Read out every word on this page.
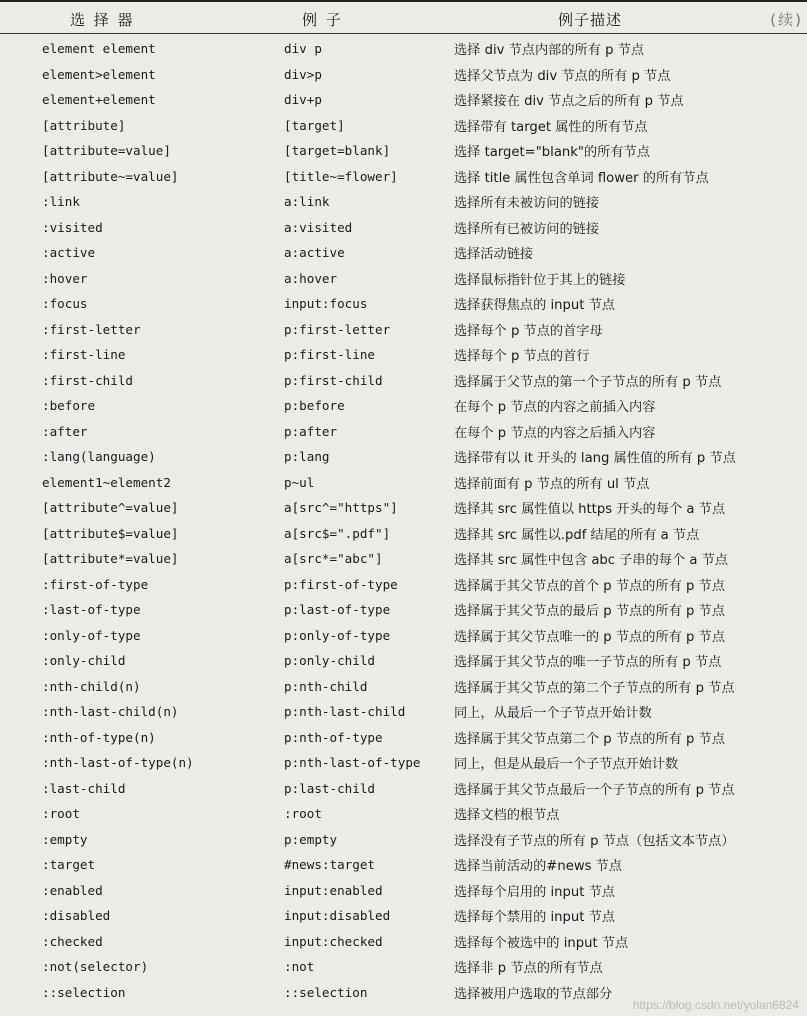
选 择 器	例 子	例子描述	(续)
element element	div p	选择 div 节点内部的所有 p 节点
element>element	div>p	选择父节点为 div 节点的所有 p 节点
element+element	div+p	选择紧接在 div 节点之后的所有 p 节点
[attribute]	[target]	选择带有 target 属性的所有节点
[attribute=value]	[target=blank]	选择 target="blank"的所有节点
[attribute~=value]	[title~=flower]	选择 title 属性包含单词 flower 的所有节点
:link	a:link	选择所有未被访问的链接
:visited	a:visited	选择所有已被访问的链接
:active	a:active	选择活动链接
:hover	a:hover	选择鼠标指针位于其上的链接
:focus	input:focus	选择获得焦点的 input 节点
:first-letter	p:first-letter	选择每个 p 节点的首字母
:first-line	p:first-line	选择每个 p 节点的首行
:first-child	p:first-child	选择属于父节点的第一个子节点的所有 p 节点
:before	p:before	在每个 p 节点的内容之前插入内容
:after	p:after	在每个 p 节点的内容之后插入内容
:lang(language)	p:lang	选择带有以 it 开头的 lang 属性值的所有 p 节点
element1~element2	p~ul	选择前面有 p 节点的所有 ul 节点
[attribute^=value]	a[src^="https"]	选择其 src 属性值以 https 开头的每个 a 节点
[attribute$=value]	a[src$=".pdf"]	选择其 src 属性以.pdf 结尾的所有 a 节点
[attribute*=value]	a[src*="abc"]	选择其 src 属性中包含 abc 子串的每个 a 节点
:first-of-type	p:first-of-type	选择属于其父节点的首个 p 节点的所有 p 节点
:last-of-type	p:last-of-type	选择属于其父节点的最后 p 节点的所有 p 节点
:only-of-type	p:only-of-type	选择属于其父节点唯一的 p 节点的所有 p 节点
:only-child	p:only-child	选择属于其父节点的唯一子节点的所有 p 节点
:nth-child(n)	p:nth-child	选择属于其父节点的第二个子节点的所有 p 节点
:nth-last-child(n)	p:nth-last-child	同上，从最后一个子节点开始计数
:nth-of-type(n)	p:nth-of-type	选择属于其父节点第二个 p 节点的所有 p 节点
:nth-last-of-type(n)	p:nth-last-of-type	同上，但是从最后一个子节点开始计数
:last-child	p:last-child	选择属于其父节点最后一个子节点的所有 p 节点
:root	:root	选择文档的根节点
:empty	p:empty	选择没有子节点的所有 p 节点（包括文本节点）
:target	#news:target	选择当前活动的#news 节点
:enabled	input:enabled	选择每个启用的 input 节点
:disabled	input:disabled	选择每个禁用的 input 节点
:checked	input:checked	选择每个被选中的 input 节点
:not(selector)	:not	选择非 p 节点的所有节点
::selection	::selection	选择被用户选取的节点部分
https://blog.csdn.net/yolan6824
